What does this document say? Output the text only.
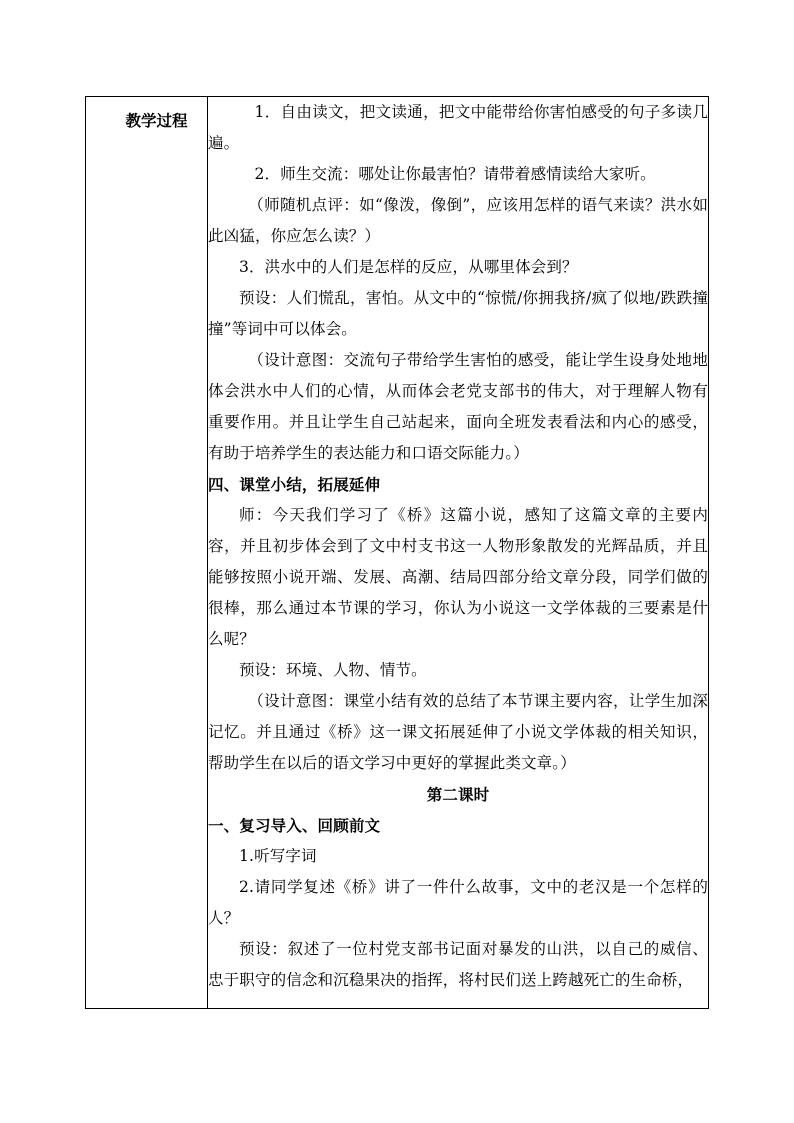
教学过程	1．自由读文，把文读通，把文中能带给你害怕感受的句子多读几遍。

2．师生交流：哪处让你最害怕？请带着感情读给大家听。

（师随机点评：如“像泼，像倒”，应该用怎样的语气来读？洪水如此凶猛，你应怎么读？）

3．洪水中的人们是怎样的反应，从哪里体会到？

预设：人们慌乱，害怕。从文中的“惊慌/你拥我挤/疯了似地/跌跌撞撞”等词中可以体会。

（设计意图：交流句子带给学生害怕的感受，能让学生设身处地地体会洪水中人们的心情，从而体会老党支部书的伟大，对于理解人物有重要作用。并且让学生自己站起来，面向全班发表看法和内心的感受，有助于培养学生的表达能力和口语交际能力。）

四、课堂小结，拓展延伸

师：今天我们学习了《桥》这篇小说，感知了这篇文章的主要内容，并且初步体会到了文中村支书这一人物形象散发的光辉品质，并且能够按照小说开端、发展、高潮、结局四部分给文章分段，同学们做的很棒，那么通过本节课的学习，你认为小说这一文学体裁的三要素是什么呢？

预设：环境、人物、情节。

（设计意图：课堂小结有效的总结了本节课主要内容，让学生加深记忆。并且通过《桥》这一课文拓展延伸了小说文学体裁的相关知识，帮助学生在以后的语文学习中更好的掌握此类文章。）

第二课时

一、复习导入、回顾前文

1.听写字词

2.请同学复述《桥》讲了一件什么故事，文中的老汉是一个怎样的人？

预设：叙述了一位村党支部书记面对暴发的山洪，以自己的威信、忠于职守的信念和沉稳果决的指挥，将村民们送上跨越死亡的生命桥，
